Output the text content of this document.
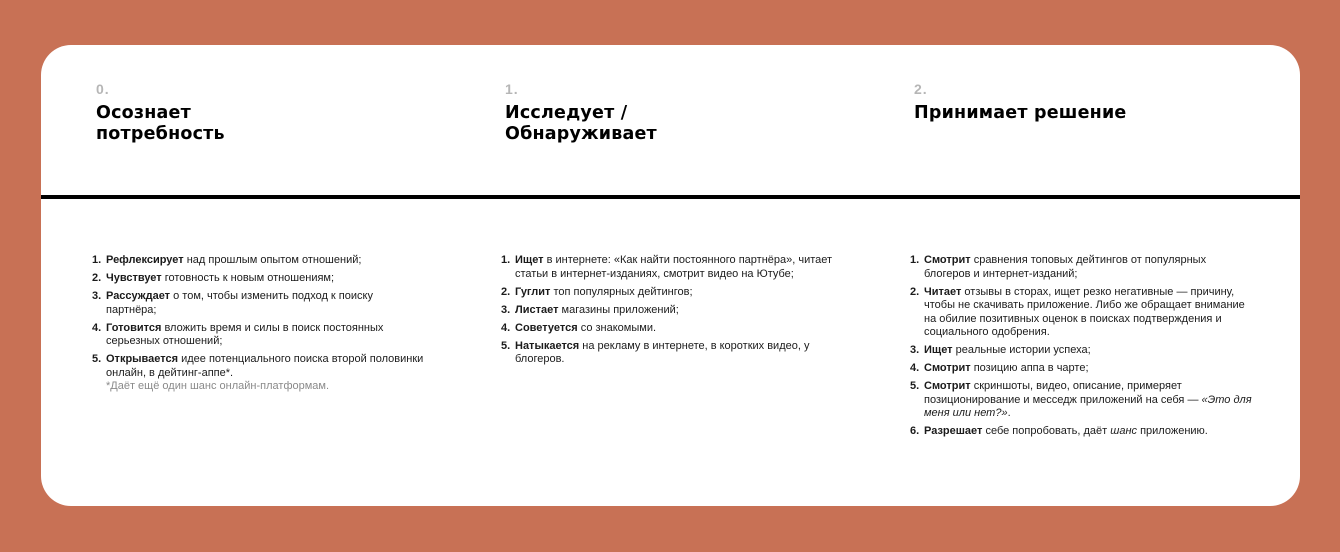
0.
Осознает
потребность
1. Рефлексирует над прошлым опытом отношений;
2. Чувствует готовность к новым отношениям;
3. Рассуждает о том, чтобы изменить подход к поиску партнёра;
4. Готовится вложить время и силы в поиск постоянных серьезных отношений;
5. Открывается идее потенциального поиска второй половинки онлайн, в дейтинг-аппе*.
*Даёт ещё один шанс онлайн-платформам.
1.
Исследует /
Обнаруживает
1. Ищет в интернете: «Как найти постоянного партнёра», читает статьи в интернет-изданиях, смотрит видео на Ютубе;
2. Гуглит топ популярных дейтингов;
3. Листает магазины приложений;
4. Советуется со знакомыми.
5. Натыкается на рекламу в интернете, в коротких видео, у блогеров.
2.
Принимает решение
1. Смотрит сравнения топовых дейтингов от популярных блогеров и интернет-изданий;
2. Читает отзывы в сторах, ищет резко негативные — причину, чтобы не скачивать приложение. Либо же обращает внимание на обилие позитивных оценок в поисках подтверждения и социального одобрения.
3. Ищет реальные истории успеха;
4. Смотрит позицию аппа в чарте;
5. Смотрит скриншоты, видео, описание, примеряет позиционирование и месседж приложений на себя — «Это для меня или нет?».
6. Разрешает себе попробовать, даёт шанс приложению.
